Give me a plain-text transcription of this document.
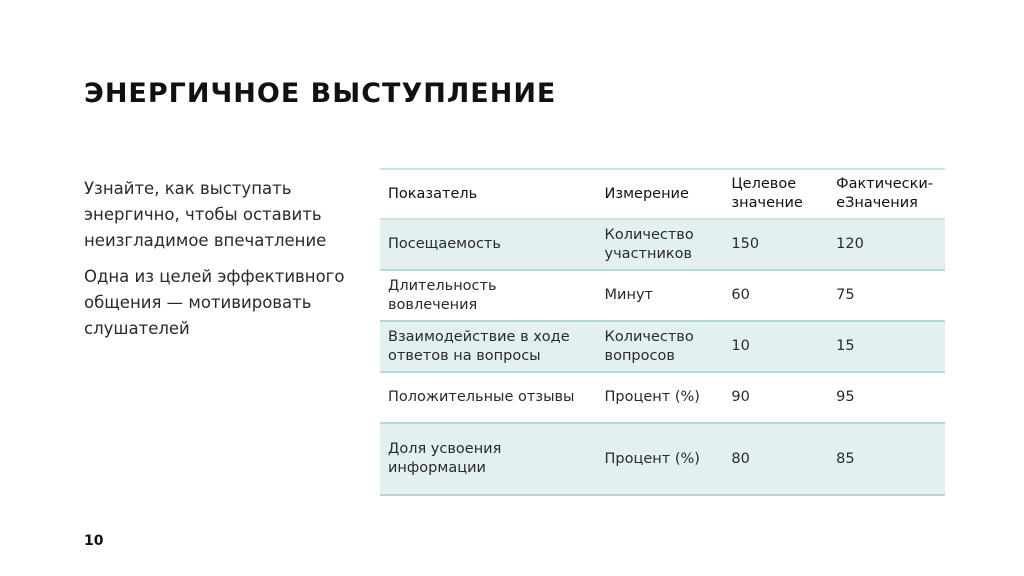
ЭНЕРГИЧНОЕ ВЫСТУПЛЕНИЕ

Узнайте, как выступать энергично, чтобы оставить неизгладимое впечатление

Одна из целей эффективного общения — мотивировать слушателей

Показатель	Измерение	Целевое значение	Фактически-еЗначения
Посещаемость	Количество участников	150	120
Длительность вовлечения	Минут	60	75
Взаимодействие в ходе ответов на вопросы	Количество вопросов	10	15
Положительные отзывы	Процент (%)	90	95
Доля усвоения информации	Процент (%)	80	85
10
